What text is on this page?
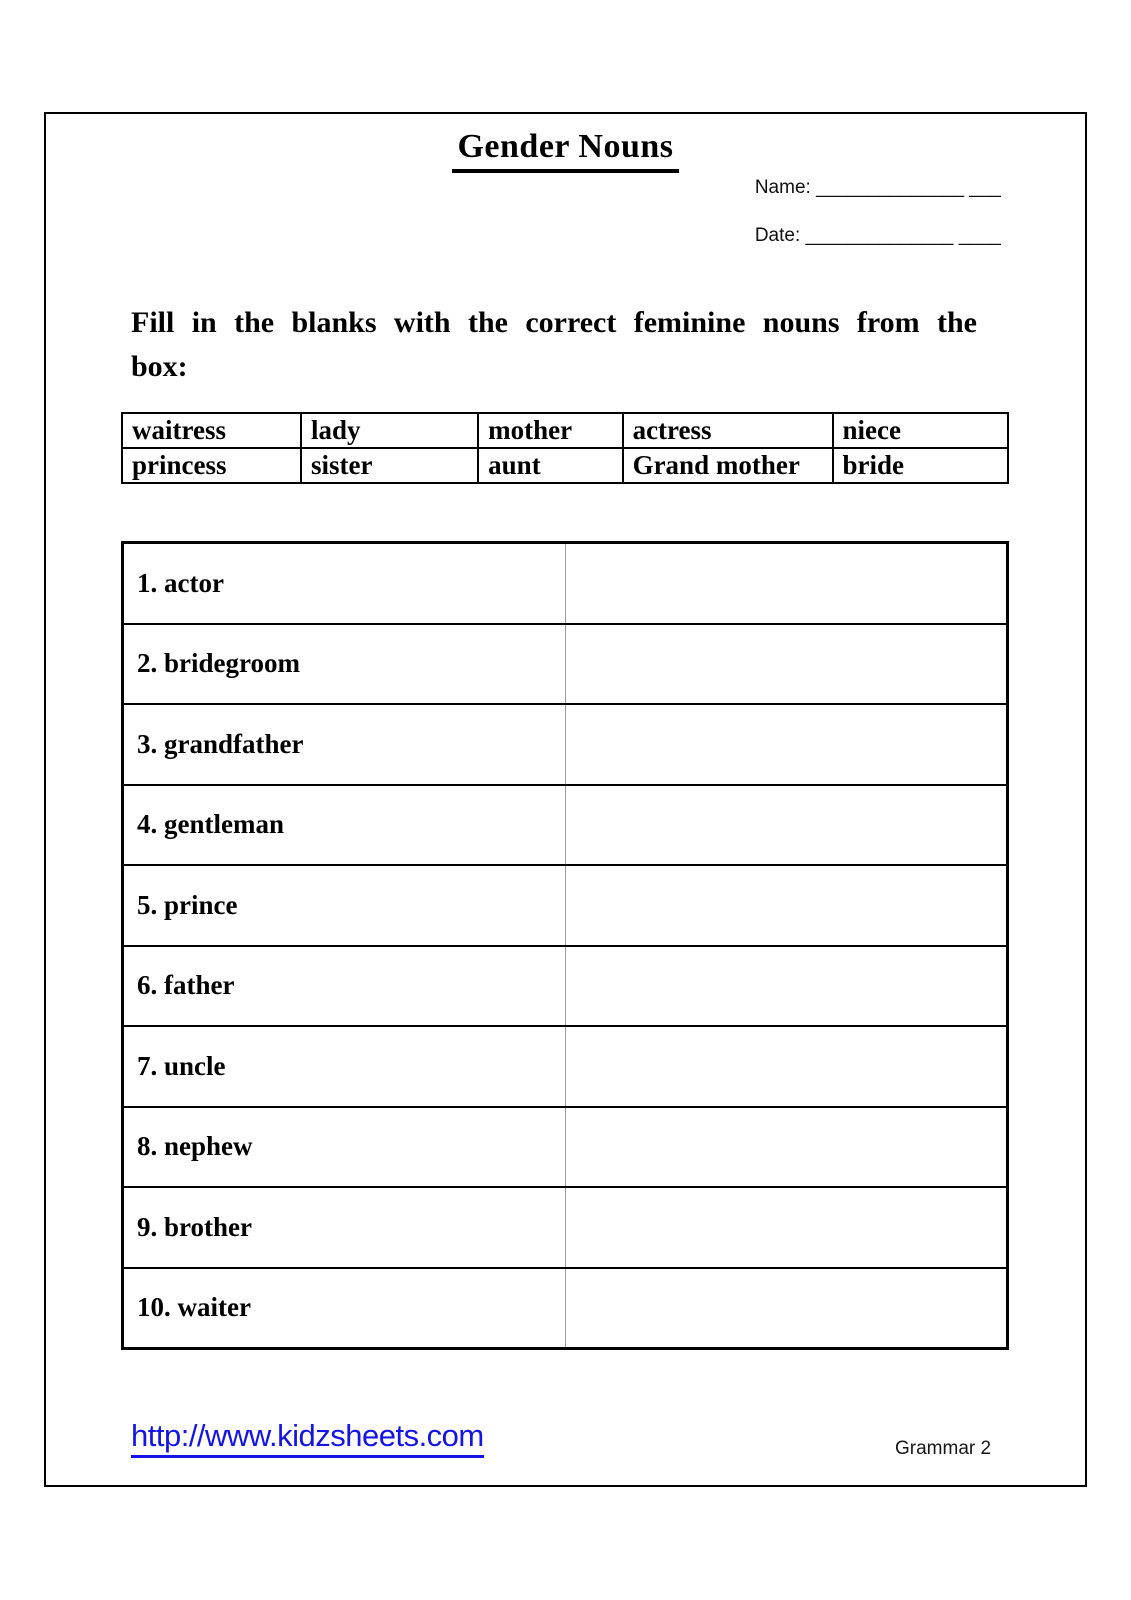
Gender Nouns
Name: ______________ ___
Date: ______________ ____
Fill in the blanks with the correct feminine nouns from the
box:
waitress	lady	mother	actress	niece
princess	sister	aunt	Grand mother	bride
1. actor
2. bridegroom
3. grandfather
4. gentleman
5. prince
6. father
7. uncle
8. nephew
9. brother
10. waiter
http://www.kidzsheets.com	Grammar 2
